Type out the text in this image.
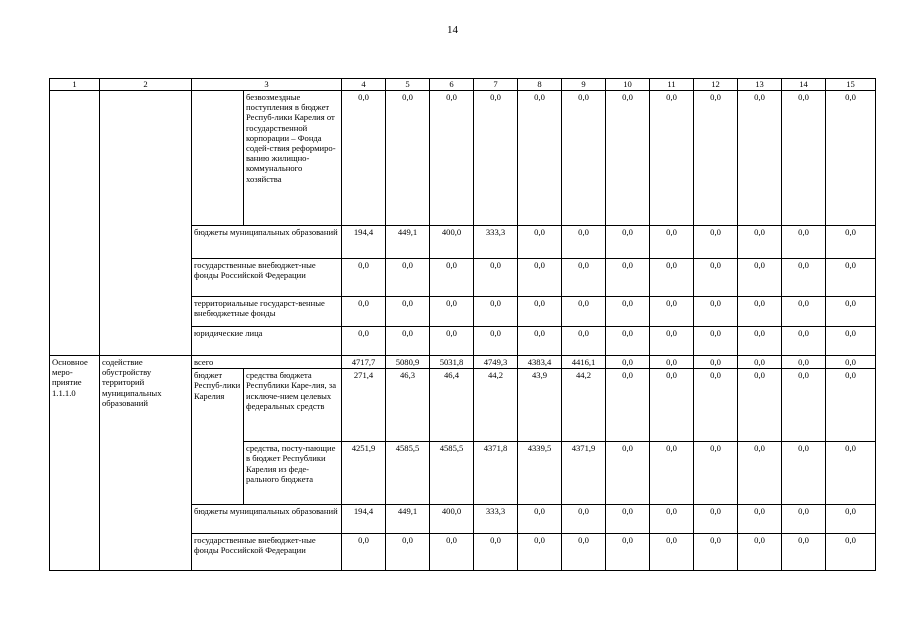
14
1	2	3		4	5	6	7	8	9	10	11	12	13	14	15
			безвозмездные поступления в бюджет Респуб-лики Карелия от государственной корпорации – Фонда содей-ствия реформиро-ванию жилищно-коммунального хозяйства	0,0	0,0	0,0	0,0	0,0	0,0	0,0	0,0	0,0	0,0	0,0	0,0
		бюджеты муниципальных образований		194,4	449,1	400,0	333,3	0,0	0,0	0,0	0,0	0,0	0,0	0,0	0,0
		государственные внебюджет-ные фонды Российской Федерации		0,0	0,0	0,0	0,0	0,0	0,0	0,0	0,0	0,0	0,0	0,0	0,0
		территориальные государст-венные внебюджетные фонды		0,0	0,0	0,0	0,0	0,0	0,0	0,0	0,0	0,0	0,0	0,0	0,0
		юридические лица		0,0	0,0	0,0	0,0	0,0	0,0	0,0	0,0	0,0	0,0	0,0	0,0
Основное меро-приятие 1.1.1.0	содействие обустройству территорий муниципальных образований	всего		4717,7	5080,9	5031,8	4749,3	4383,4	4416,1	0,0	0,0	0,0	0,0	0,0	0,0
		бюджет Респуб-лики Карелия	средства бюджета Республики Каре-лия, за исключе-нием целевых федеральных средств	271,4	46,3	46,4	44,2	43,9	44,2	0,0	0,0	0,0	0,0	0,0	0,0
			средства, посту-пающие в бюджет Республики Карелия из феде-рального бюджета	4251,9	4585,5	4585,5	4371,8	4339,5	4371,9	0,0	0,0	0,0	0,0	0,0	0,0
		бюджеты муниципальных образований		194,4	449,1	400,0	333,3	0,0	0,0	0,0	0,0	0,0	0,0	0,0	0,0
		государственные внебюджет-ные фонды Российской Федерации		0,0	0,0	0,0	0,0	0,0	0,0	0,0	0,0	0,0	0,0	0,0	0,0
